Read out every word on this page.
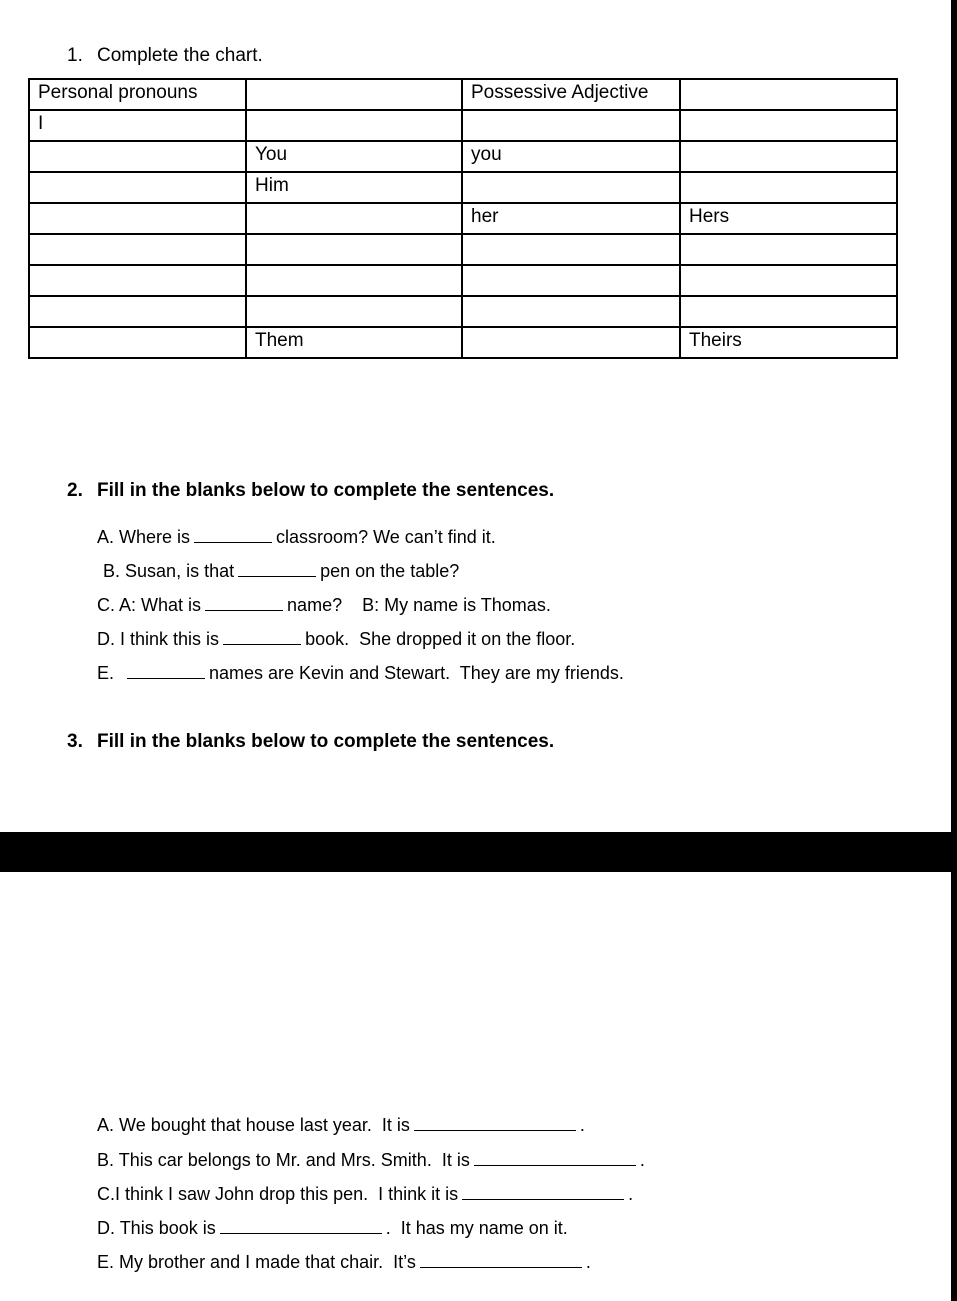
1. Complete the chart.
Personal pronouns		Possessive Adjective	
I			
	You	you	
	Him		
		her	Hers

	Them		Theirs
2. Fill in the blanks below to complete the sentences.
A. Where is	classroom? We can’t find it.
B. Susan, is that	pen on the table?
C. A: What is	name?    B: My name is Thomas.
D. I think this is	book.  She dropped it on the floor.
E.	names are Kevin and Stewart.  They are my friends.
3. Fill in the blanks below to complete the sentences.
A. We bought that house last year.  It is	.
B. This car belongs to Mr. and Mrs. Smith.  It is	.
C.I think I saw John drop this pen.  I think it is	.
D. This book is	.  It has my name on it.
E. My brother and I made that chair.  It’s	.
